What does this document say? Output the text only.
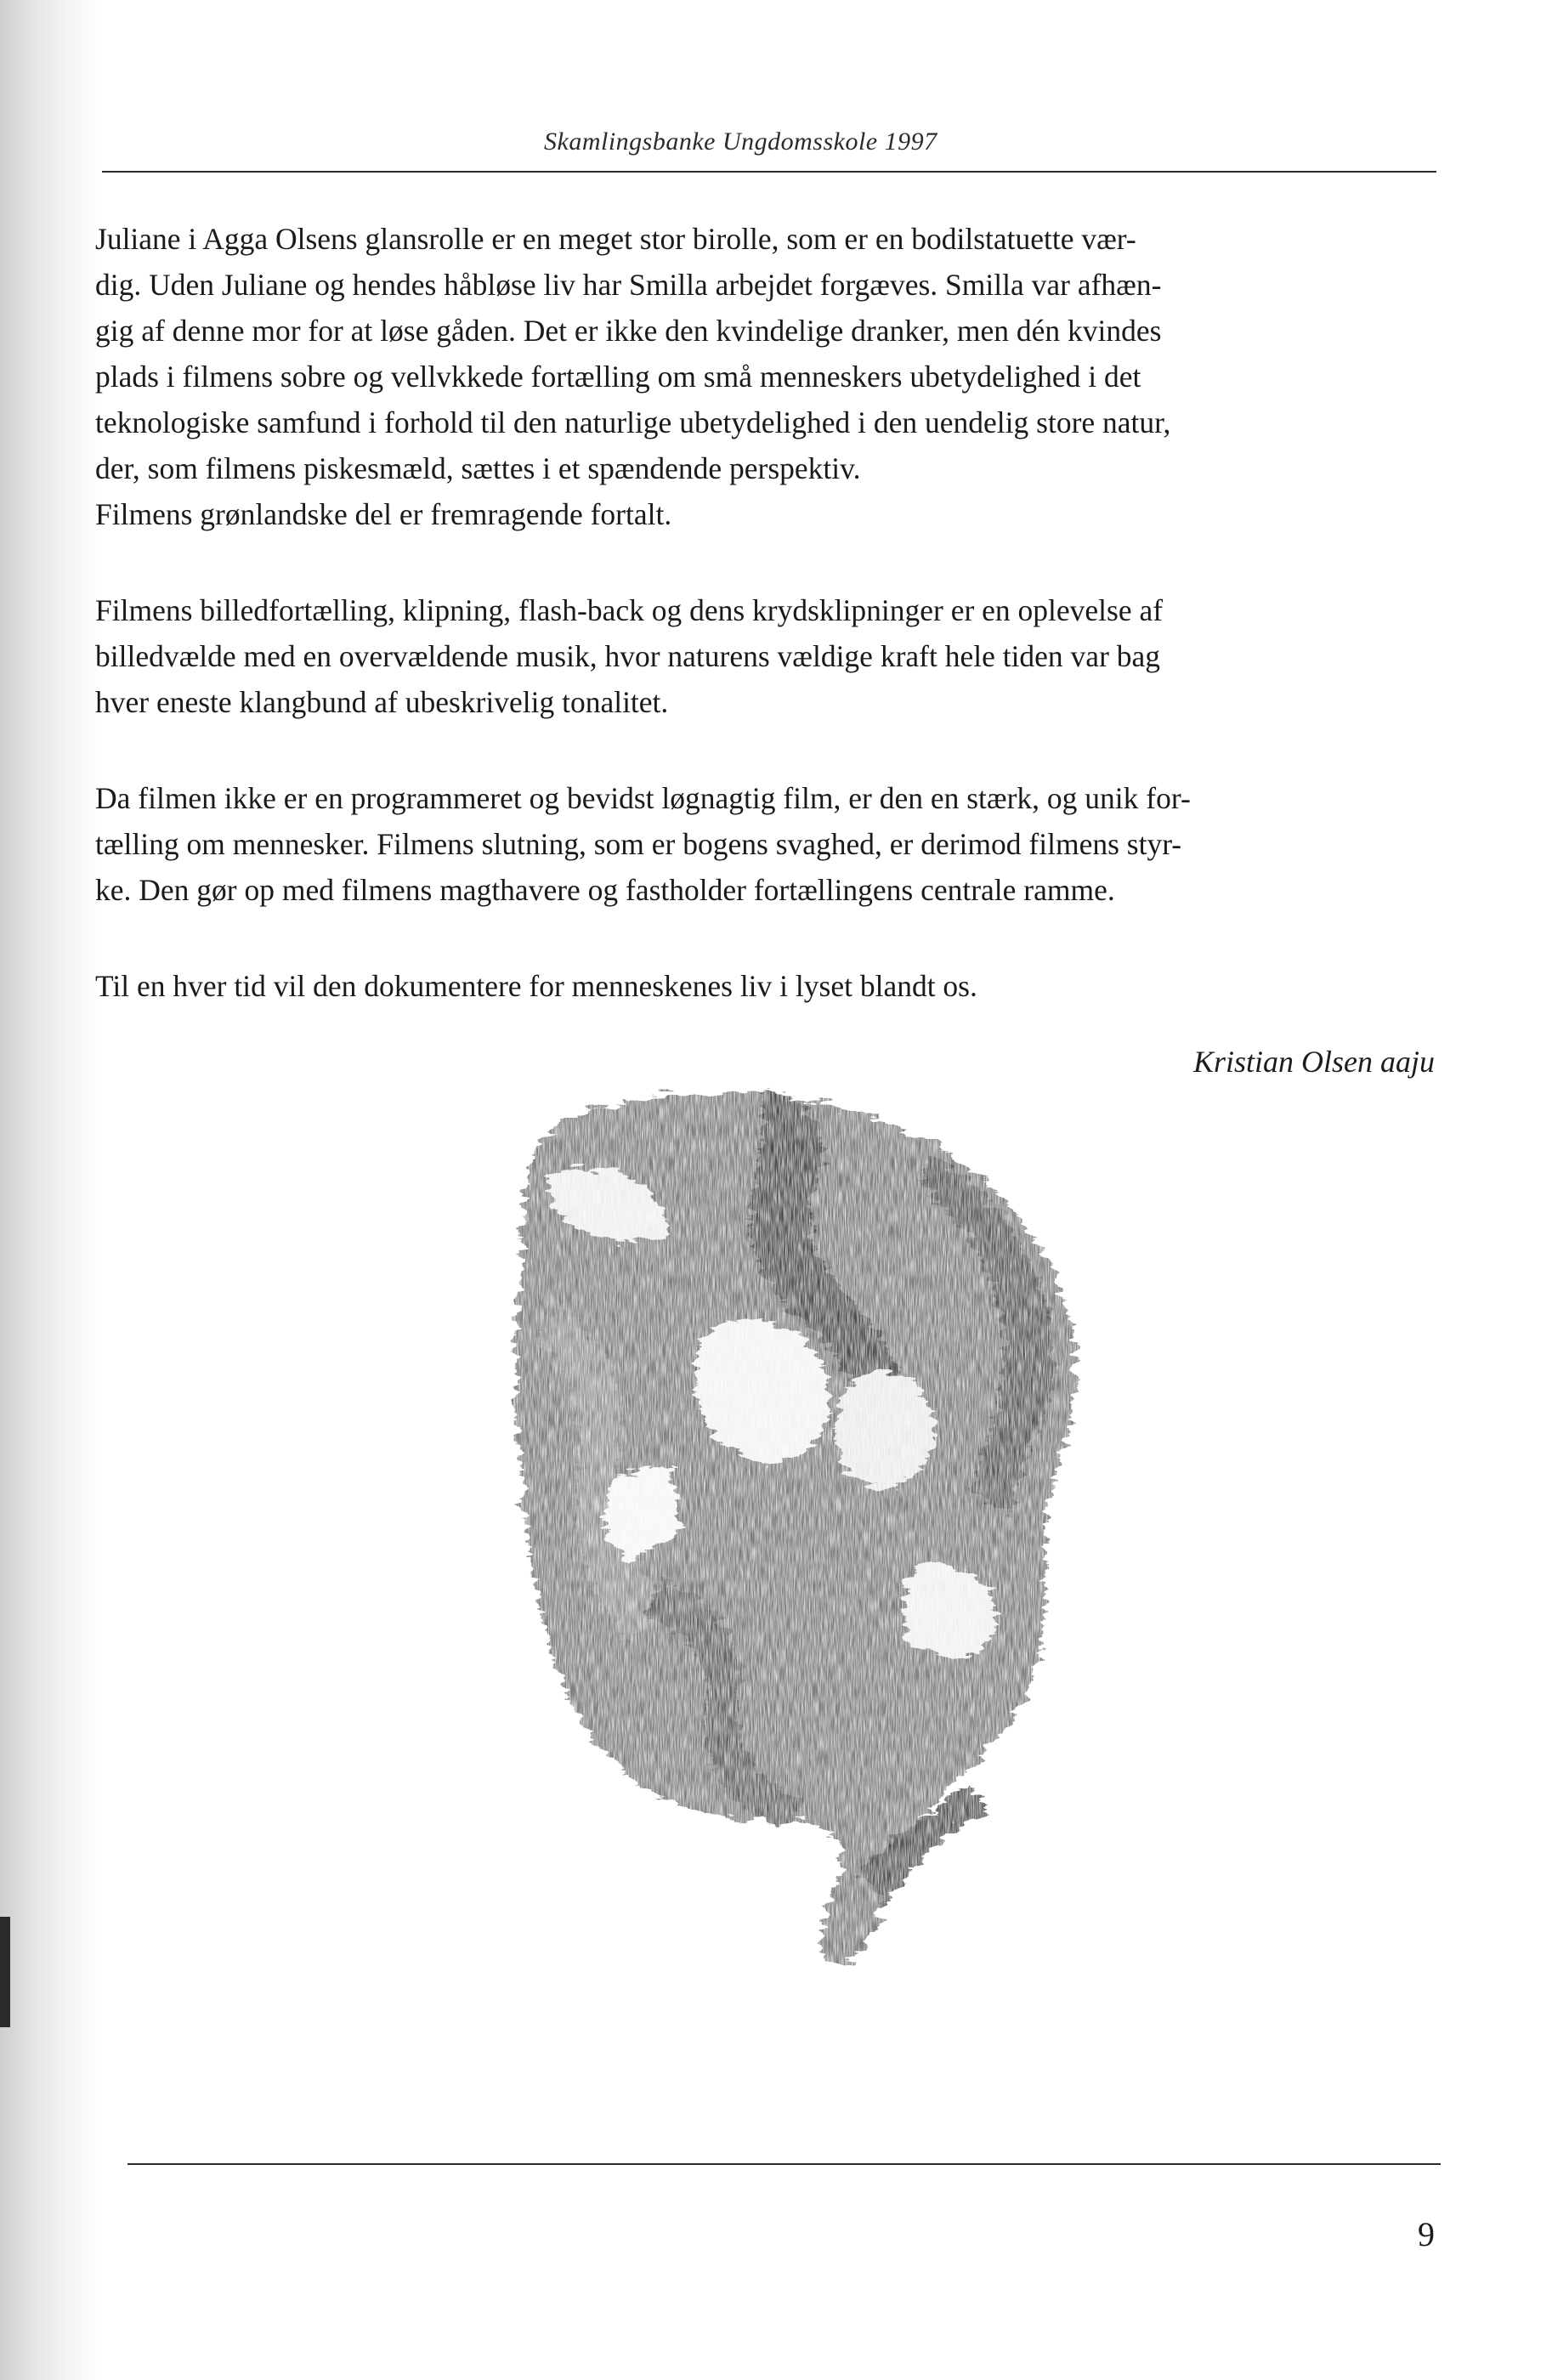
Skamlingsbanke Ungdomsskole 1997

Juliane i Agga Olsens glansrolle er en meget stor birolle, som er en bodilstatuette vær-
dig. Uden Juliane og hendes håbløse liv har Smilla arbejdet forgæves. Smilla var afhæn-
gig af denne mor for at løse gåden. Det er ikke den kvindelige dranker, men dén kvindes
plads i filmens sobre og vellvkkede fortælling om små menneskers ubetydelighed i det
teknologiske samfund i forhold til den naturlige ubetydelighed i den uendelig store natur,
der, som filmens piskesmæld, sættes i et spændende perspektiv.
Filmens grønlandske del er fremragende fortalt.

Filmens billedfortælling, klipning, flash-back og dens krydsklipninger er en oplevelse af
billedvælde med en overvældende musik, hvor naturens vældige kraft hele tiden var bag
hver eneste klangbund af ubeskrivelig tonalitet.

Da filmen ikke er en programmeret og bevidst løgnagtig film, er den en stærk, og unik for-
tælling om mennesker. Filmens slutning, som er bogens svaghed, er derimod filmens styr-
ke. Den gør op med filmens magthavere og fastholder fortællingens centrale ramme.

Til en hver tid vil den dokumentere for menneskenes liv i lyset blandt os.

Kristian Olsen aaju
9
